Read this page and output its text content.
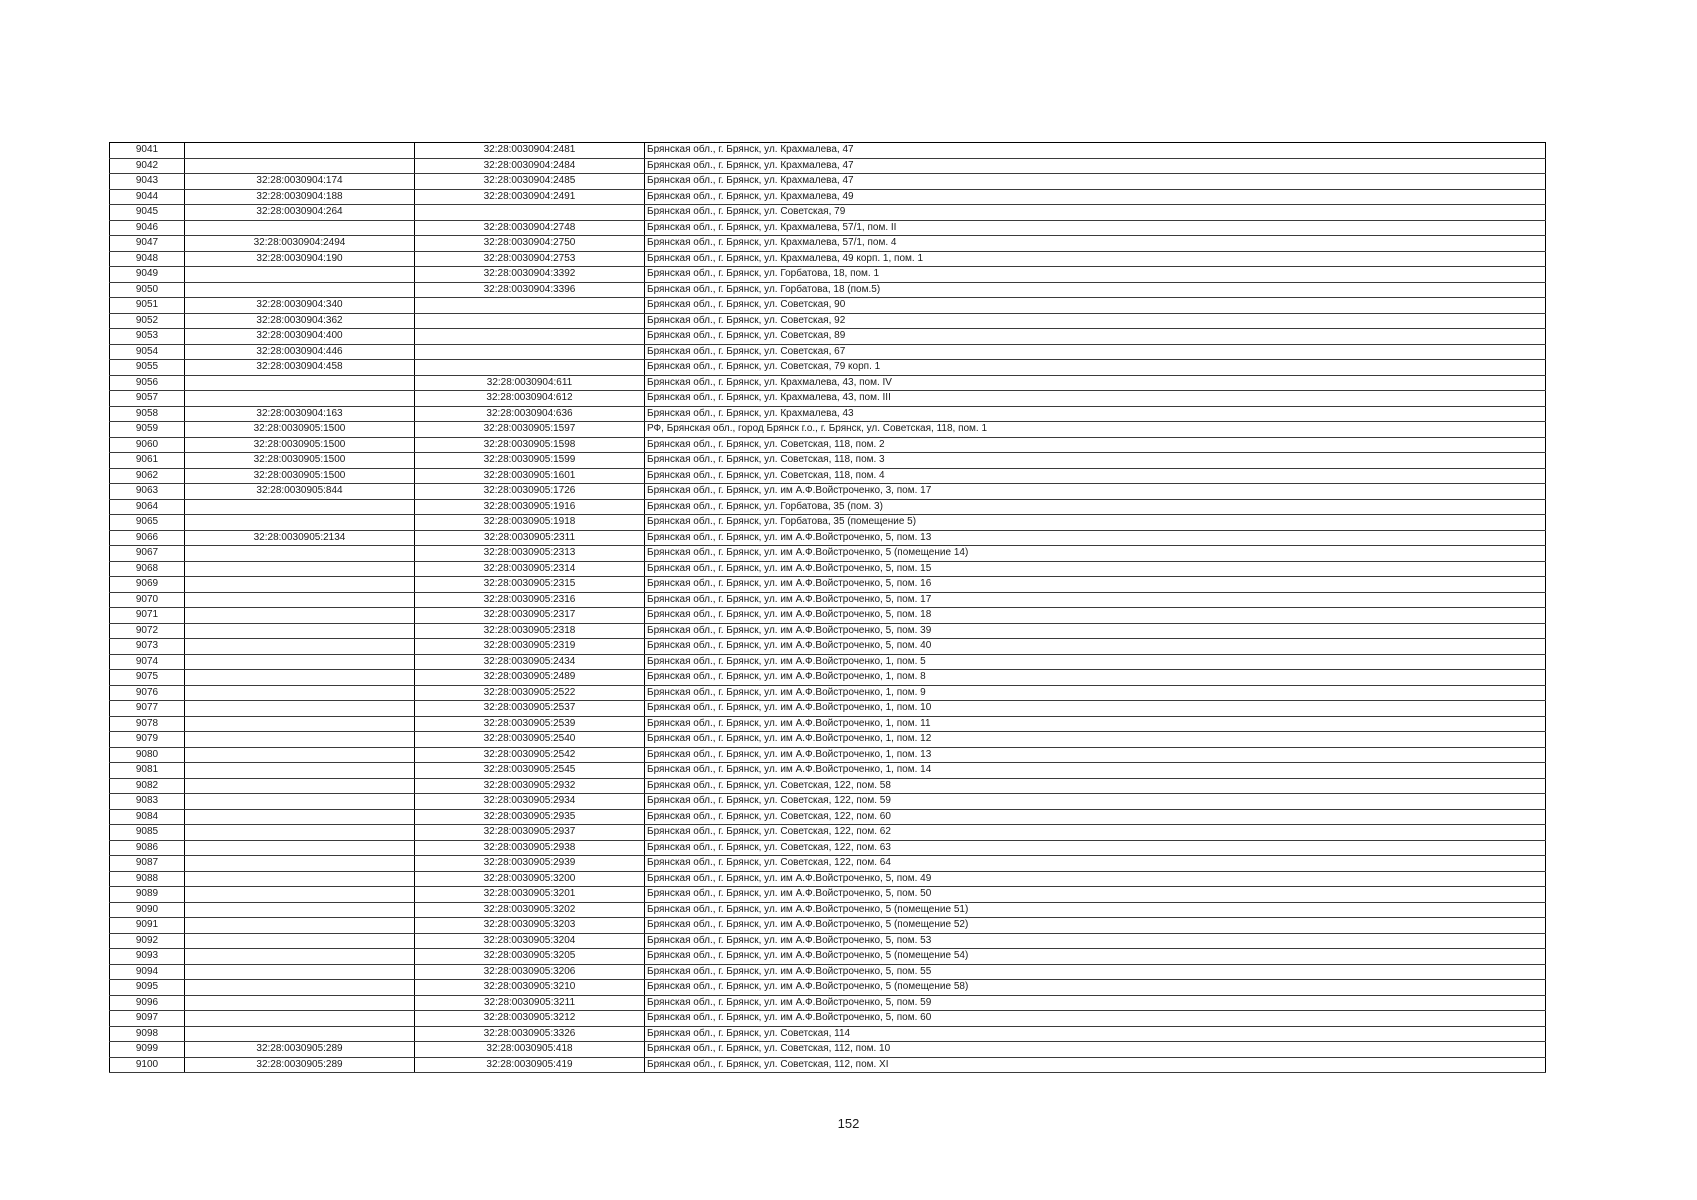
9041		32:28:0030904:2481	Брянская обл., г. Брянск, ул. Крахмалева, 47
9042		32:28:0030904:2484	Брянская обл., г. Брянск, ул. Крахмалева, 47
9043	32:28:0030904:174	32:28:0030904:2485	Брянская обл., г. Брянск, ул. Крахмалева, 47
9044	32:28:0030904:188	32:28:0030904:2491	Брянская обл., г. Брянск, ул. Крахмалева, 49
9045	32:28:0030904:264		Брянская обл., г. Брянск, ул. Советская, 79
9046		32:28:0030904:2748	Брянская обл., г. Брянск, ул. Крахмалева, 57/1, пом. II
9047	32:28:0030904:2494	32:28:0030904:2750	Брянская обл., г. Брянск, ул. Крахмалева, 57/1, пом. 4
9048	32:28:0030904:190	32:28:0030904:2753	Брянская обл., г. Брянск, ул. Крахмалева, 49 корп. 1, пом. 1
9049		32:28:0030904:3392	Брянская обл., г. Брянск, ул. Горбатова, 18, пом. 1
9050		32:28:0030904:3396	Брянская обл., г. Брянск, ул. Горбатова, 18 (пом.5)
9051	32:28:0030904:340		Брянская обл., г. Брянск, ул. Советская, 90
9052	32:28:0030904:362		Брянская обл., г. Брянск, ул. Советская, 92
9053	32:28:0030904:400		Брянская обл., г. Брянск, ул. Советская, 89
9054	32:28:0030904:446		Брянская обл., г. Брянск, ул. Советская, 67
9055	32:28:0030904:458		Брянская обл., г. Брянск, ул. Советская, 79 корп. 1
9056		32:28:0030904:611	Брянская обл., г. Брянск, ул. Крахмалева, 43, пом. IV
9057		32:28:0030904:612	Брянская обл., г. Брянск, ул. Крахмалева, 43, пом. III
9058	32:28:0030904:163	32:28:0030904:636	Брянская обл., г. Брянск, ул. Крахмалева, 43
9059	32:28:0030905:1500	32:28:0030905:1597	РФ, Брянская обл., город Брянск г.о., г. Брянск, ул. Советская, 118, пом. 1
9060	32:28:0030905:1500	32:28:0030905:1598	Брянская обл., г. Брянск, ул. Советская, 118, пом. 2
9061	32:28:0030905:1500	32:28:0030905:1599	Брянская обл., г. Брянск, ул. Советская, 118, пом. 3
9062	32:28:0030905:1500	32:28:0030905:1601	Брянская обл., г. Брянск, ул. Советская, 118, пом. 4
9063	32:28:0030905:844	32:28:0030905:1726	Брянская обл., г. Брянск, ул. им А.Ф.Войстроченко, 3, пом. 17
9064		32:28:0030905:1916	Брянская обл., г. Брянск, ул. Горбатова, 35 (пом. 3)
9065		32:28:0030905:1918	Брянская обл., г. Брянск, ул. Горбатова, 35 (помещение 5)
9066	32:28:0030905:2134	32:28:0030905:2311	Брянская обл., г. Брянск, ул. им А.Ф.Войстроченко, 5, пом. 13
9067		32:28:0030905:2313	Брянская обл., г. Брянск, ул. им А.Ф.Войстроченко, 5 (помещение 14)
9068		32:28:0030905:2314	Брянская обл., г. Брянск, ул. им А.Ф.Войстроченко, 5, пом. 15
9069		32:28:0030905:2315	Брянская обл., г. Брянск, ул. им А.Ф.Войстроченко, 5, пом. 16
9070		32:28:0030905:2316	Брянская обл., г. Брянск, ул. им А.Ф.Войстроченко, 5, пом. 17
9071		32:28:0030905:2317	Брянская обл., г. Брянск, ул. им А.Ф.Войстроченко, 5, пом. 18
9072		32:28:0030905:2318	Брянская обл., г. Брянск, ул. им А.Ф.Войстроченко, 5, пом. 39
9073		32:28:0030905:2319	Брянская обл., г. Брянск, ул. им А.Ф.Войстроченко, 5, пом. 40
9074		32:28:0030905:2434	Брянская обл., г. Брянск, ул. им А.Ф.Войстроченко, 1, пом. 5
9075		32:28:0030905:2489	Брянская обл., г. Брянск, ул. им А.Ф.Войстроченко, 1, пом. 8
9076		32:28:0030905:2522	Брянская обл., г. Брянск, ул. им А.Ф.Войстроченко, 1, пом. 9
9077		32:28:0030905:2537	Брянская обл., г. Брянск, ул. им А.Ф.Войстроченко, 1, пом. 10
9078		32:28:0030905:2539	Брянская обл., г. Брянск, ул. им А.Ф.Войстроченко, 1, пом. 11
9079		32:28:0030905:2540	Брянская обл., г. Брянск, ул. им А.Ф.Войстроченко, 1, пом. 12
9080		32:28:0030905:2542	Брянская обл., г. Брянск, ул. им А.Ф.Войстроченко, 1, пом. 13
9081		32:28:0030905:2545	Брянская обл., г. Брянск, ул. им А.Ф.Войстроченко, 1, пом. 14
9082		32:28:0030905:2932	Брянская обл., г. Брянск, ул. Советская, 122, пом. 58
9083		32:28:0030905:2934	Брянская обл., г. Брянск, ул. Советская, 122, пом. 59
9084		32:28:0030905:2935	Брянская обл., г. Брянск, ул. Советская, 122, пом. 60
9085		32:28:0030905:2937	Брянская обл., г. Брянск, ул. Советская, 122, пом. 62
9086		32:28:0030905:2938	Брянская обл., г. Брянск, ул. Советская, 122, пом. 63
9087		32:28:0030905:2939	Брянская обл., г. Брянск, ул. Советская, 122, пом. 64
9088		32:28:0030905:3200	Брянская обл., г. Брянск, ул. им А.Ф.Войстроченко, 5, пом. 49
9089		32:28:0030905:3201	Брянская обл., г. Брянск, ул. им А.Ф.Войстроченко, 5, пом. 50
9090		32:28:0030905:3202	Брянская обл., г. Брянск, ул. им А.Ф.Войстроченко, 5 (помещение 51)
9091		32:28:0030905:3203	Брянская обл., г. Брянск, ул. им А.Ф.Войстроченко, 5 (помещение 52)
9092		32:28:0030905:3204	Брянская обл., г. Брянск, ул. им А.Ф.Войстроченко, 5, пом. 53
9093		32:28:0030905:3205	Брянская обл., г. Брянск, ул. им А.Ф.Войстроченко, 5 (помещение 54)
9094		32:28:0030905:3206	Брянская обл., г. Брянск, ул. им А.Ф.Войстроченко, 5, пом. 55
9095		32:28:0030905:3210	Брянская обл., г. Брянск, ул. им А.Ф.Войстроченко, 5 (помещение 58)
9096		32:28:0030905:3211	Брянская обл., г. Брянск, ул. им А.Ф.Войстроченко, 5, пом. 59
9097		32:28:0030905:3212	Брянская обл., г. Брянск, ул. им А.Ф.Войстроченко, 5, пом. 60
9098		32:28:0030905:3326	Брянская обл., г. Брянск, ул. Советская, 114
9099	32:28:0030905:289	32:28:0030905:418	Брянская обл., г. Брянск, ул. Советская, 112, пом. 10
9100	32:28:0030905:289	32:28:0030905:419	Брянская обл., г. Брянск, ул. Советская, 112, пом. XI
152
